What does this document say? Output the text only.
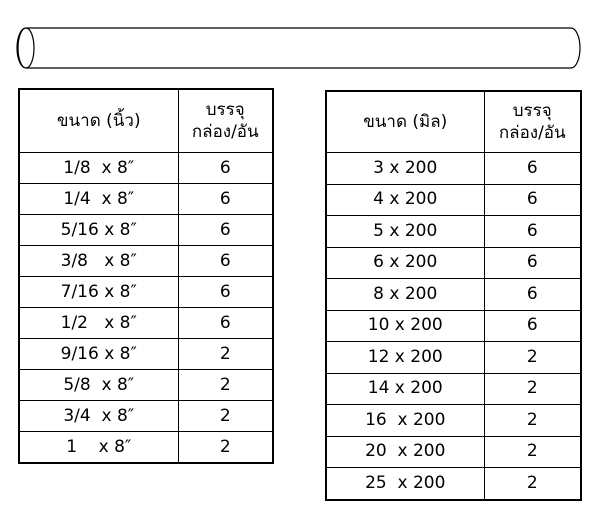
ขนาด (นิ้ว)	บรรจุ
กล่อง/อัน
1/8  x 8″	6
1/4  x 8″	6
5/16 x 8″	6
3/8   x 8″	6
7/16 x 8″	6
1/2   x 8″	6
9/16 x 8″	2
5/8  x 8″	2
3/4  x 8″	2
1    x 8″	2
ขนาด (มิล)	บรรจุ
กล่อง/อัน
3 x 200	6
4 x 200	6
5 x 200	6
6 x 200	6
8 x 200	6
10 x 200	6
12 x 200	2
14 x 200	2
16  x 200	2
20  x 200	2
25  x 200	2
